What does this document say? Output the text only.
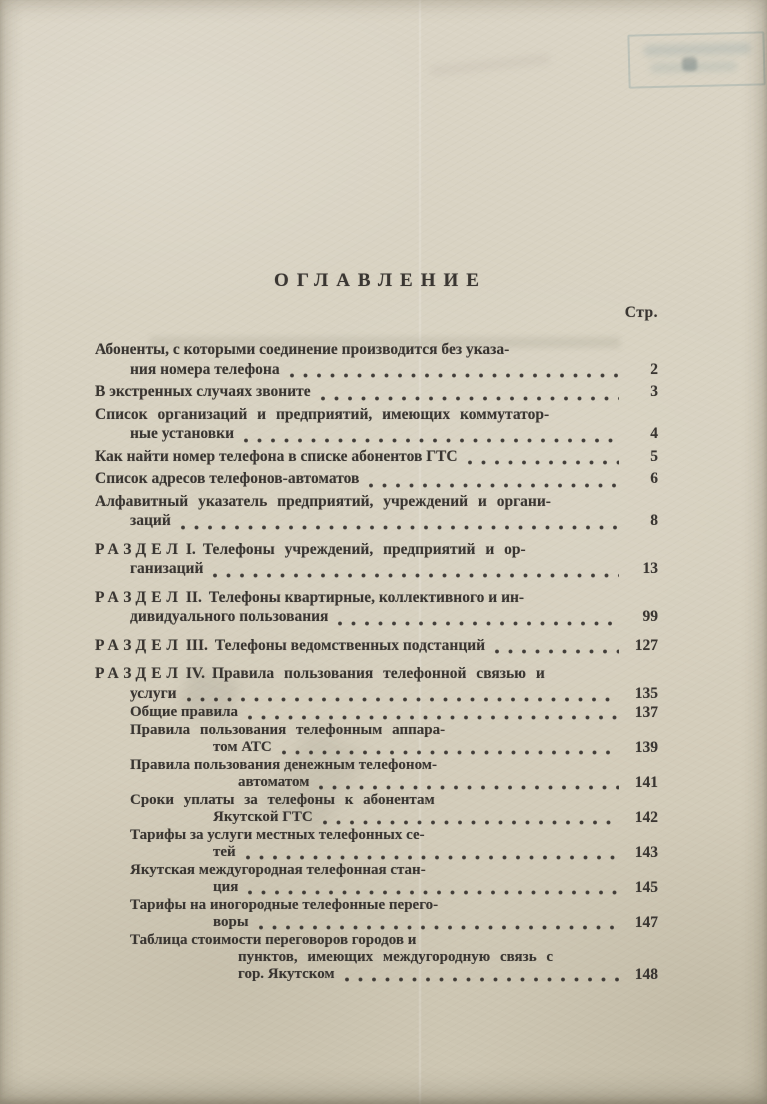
ОГЛАВЛЕНИЕ
Стр.
Абоненты, с которыми соединение производится без указа-
ния номера телефона	2
В экстренных случаях звоните	3
Список организаций и предприятий, имеющих коммутатор-
ные установки	4
Как найти номер телефона в списке абонентов ГТС	5
Список адресов телефонов-автоматов	6
Алфавитный указатель предприятий, учреждений и органи-
заций	8
РАЗДЕЛ I. Телефоны учреждений, предприятий и ор-
ганизаций	13
РАЗДЕЛ II. Телефоны квартирные, коллективного и ин-
дивидуального пользования	99
РАЗДЕЛ III. Телефоны ведомственных подстанций	127
РАЗДЕЛ IV. Правила пользования телефонной связью и
услуги	135
Общие правила	137
Правила пользования телефонным аппара-
том АТС	139
Правила пользования денежным телефоном-
автоматом	141
Сроки уплаты за телефоны к абонентам
Якутской ГТС	142
Тарифы за услуги местных телефонных се-
тей	143
Якутская междугородная телефонная стан-
ция	145
Тарифы на иногородные телефонные перего-
воры	147
Таблица стоимости переговоров городов и
пунктов, имеющих междугородную связь с
гор. Якутском	148
